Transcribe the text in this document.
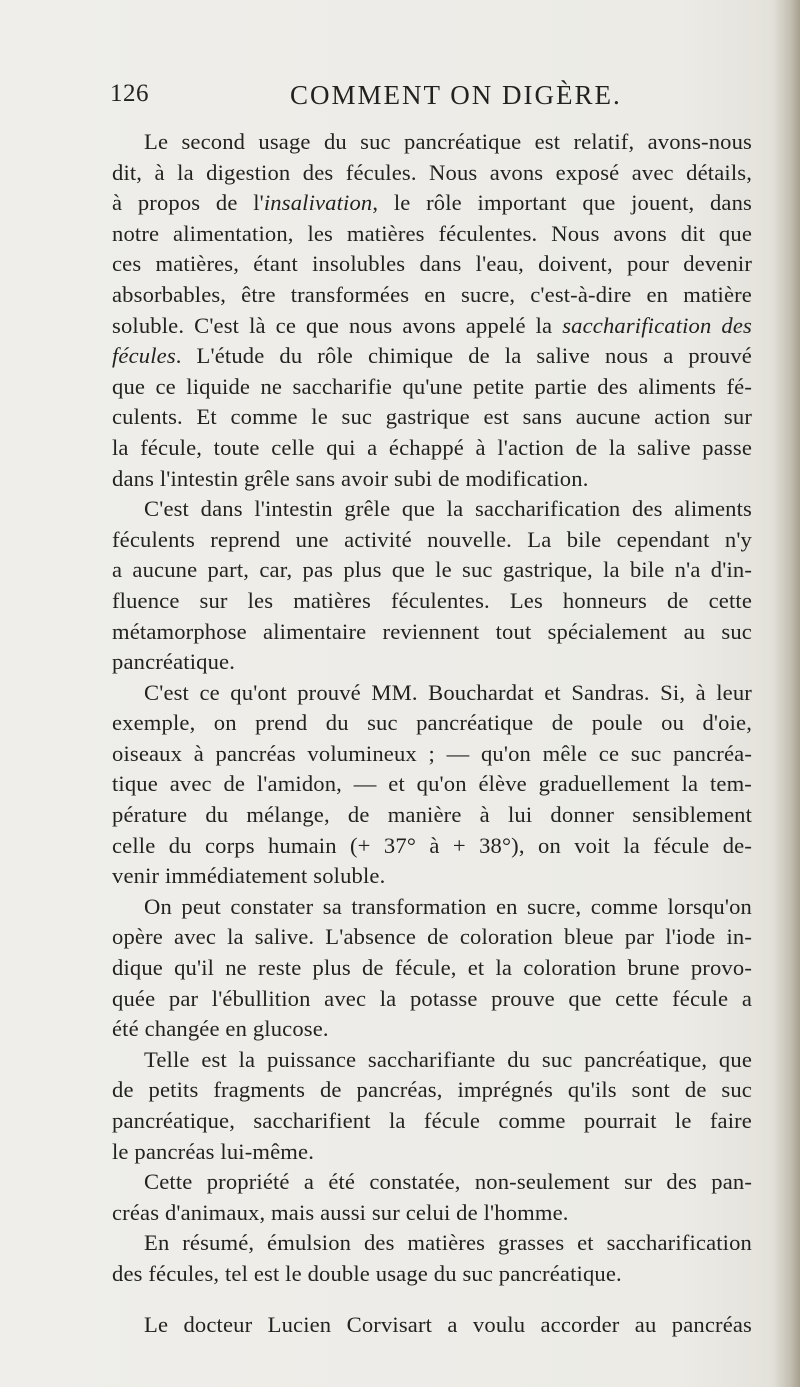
126	COMMENT ON DIGÈRE.
Le second usage du suc pancréatique est relatif, avons-nous
dit, à la digestion des fécules. Nous avons exposé avec détails,
à propos de l'insalivation, le rôle important que jouent, dans
notre alimentation, les matières féculentes. Nous avons dit que
ces matières, étant insolubles dans l'eau, doivent, pour devenir
absorbables, être transformées en sucre, c'est-à-dire en matière
soluble. C'est là ce que nous avons appelé la saccharification des
fécules. L'étude du rôle chimique de la salive nous a prouvé
que ce liquide ne saccharifie qu'une petite partie des aliments fé-
culents. Et comme le suc gastrique est sans aucune action sur
la fécule, toute celle qui a échappé à l'action de la salive passe
dans l'intestin grêle sans avoir subi de modification.
C'est dans l'intestin grêle que la saccharification des aliments
féculents reprend une activité nouvelle. La bile cependant n'y
a aucune part, car, pas plus que le suc gastrique, la bile n'a d'in-
fluence sur les matières féculentes. Les honneurs de cette
métamorphose alimentaire reviennent tout spécialement au suc
pancréatique.
C'est ce qu'ont prouvé MM. Bouchardat et Sandras. Si, à leur
exemple, on prend du suc pancréatique de poule ou d'oie,
oiseaux à pancréas volumineux ; — qu'on mêle ce suc pancréa-
tique avec de l'amidon, — et qu'on élève graduellement la tem-
pérature du mélange, de manière à lui donner sensiblement
celle du corps humain (+ 37° à + 38°), on voit la fécule de-
venir immédiatement soluble.
On peut constater sa transformation en sucre, comme lorsqu'on
opère avec la salive. L'absence de coloration bleue par l'iode in-
dique qu'il ne reste plus de fécule, et la coloration brune provo-
quée par l'ébullition avec la potasse prouve que cette fécule a
été changée en glucose.
Telle est la puissance saccharifiante du suc pancréatique, que
de petits fragments de pancréas, imprégnés qu'ils sont de suc
pancréatique, saccharifient la fécule comme pourrait le faire
le pancréas lui-même.
Cette propriété a été constatée, non-seulement sur des pan-
créas d'animaux, mais aussi sur celui de l'homme.
En résumé, émulsion des matières grasses et saccharification
des fécules, tel est le double usage du suc pancréatique.
Le docteur Lucien Corvisart a voulu accorder au pancréas
